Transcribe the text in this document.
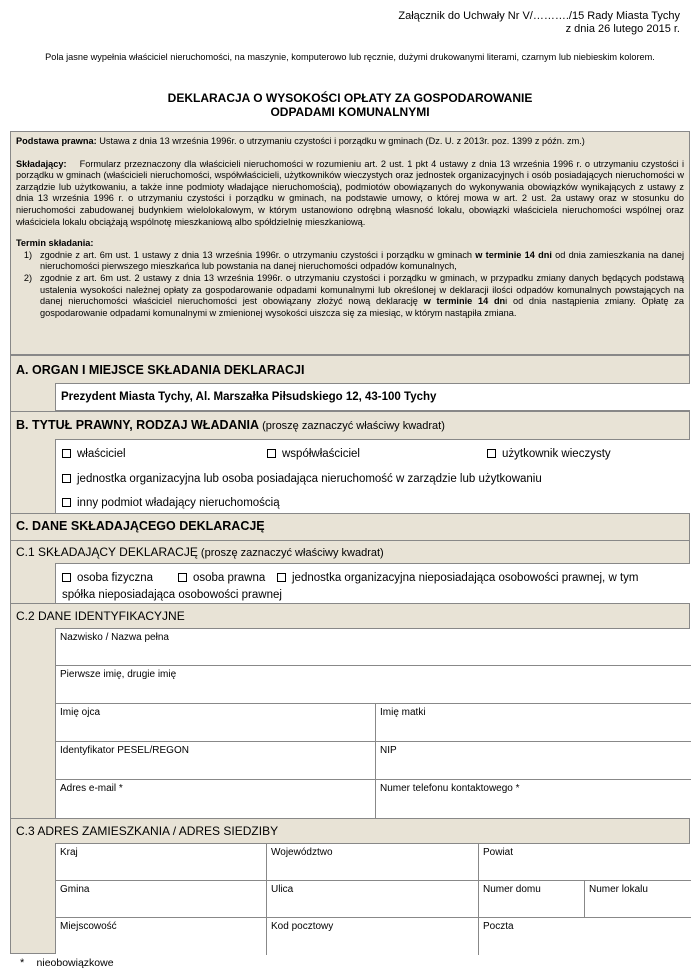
Załącznik do Uchwały Nr V/………./15 Rady Miasta Tychy
z dnia 26 lutego 2015 r.
Pola jasne wypełnia właściciel nieruchomości, na maszynie, komputerowo lub ręcznie, dużymi drukowanymi literami, czarnym lub niebieskim kolorem.
DEKLARACJA O WYSOKOŚCI OPŁATY ZA GOSPODAROWANIE
ODPADAMI KOMUNALNYMI

Podstawa prawna: Ustawa z dnia 13 września 1996r. o utrzymaniu czystości i porządku w gminach (Dz. U. z 2013r. poz. 1399 z późn. zm.)

Składający: Formularz przeznaczony dla właścicieli nieruchomości w rozumieniu art. 2 ust. 1 pkt 4 ustawy z dnia 13 września 1996 r. o utrzymaniu czystości i porządku w gminach (właścicieli nieruchomości, współwłaścicieli, użytkowników wieczystych oraz jednostek organizacyjnych i osób posiadających nieruchomości w zarządzie lub użytkowaniu, a także inne podmioty władające nieruchomością), podmiotów obowiązanych do wykonywania obowiązków wynikających z ustawy z dnia 13 września 1996 r. o utrzymaniu czystości i porządku w gminach, na podstawie umowy, o której mowa w art. 2 ust. 2a ustawy oraz w stosunku do nieruchomości zabudowanej budynkiem wielolokalowym, w którym ustanowiono odrębną własność lokalu, obowiązki właściciela nieruchomości wspólnej oraz właściciela lokalu obciążają wspólnotę mieszkaniową albo spółdzielnię mieszkaniową.

Termin składania:

1) zgodnie z art. 6m ust. 1 ustawy z dnia 13 września 1996r. o utrzymaniu czystości i porządku w gminach w terminie 14 dni od dnia zamieszkania na danej nieruchomości pierwszego mieszkańca lub powstania na danej nieruchomości odpadów komunalnych,
2) zgodnie z art. 6m ust. 2 ustawy z dnia 13 września 1996r. o utrzymaniu czystości i porządku w gminach, w przypadku zmiany danych będących podstawą ustalenia wysokości należnej opłaty za gospodarowanie odpadami komunalnymi lub określonej w deklaracji ilości odpadów komunalnych powstających na danej nieruchomości właściciel nieruchomości jest obowiązany złożyć nową deklarację w terminie 14 dni od dnia nastąpienia zmiany. Opłatę za gospodarowanie odpadami komunalnymi w zmienionej wysokości uiszcza się za miesiąc, w którym nastąpiła zmiana.
A. ORGAN I MIEJSCE SKŁADANIA DEKLARACJI
Prezydent Miasta Tychy, Al. Marszałka Piłsudskiego 12, 43-100 Tychy
B. TYTUŁ PRAWNY, RODZAJ WŁADANIA (proszę zaznaczyć właściwy kwadrat)
właściciel	współwłaściciel	użytkownik wieczysty
jednostka organizacyjna lub osoba posiadająca nieruchomość w zarządzie lub użytkowaniu
inny podmiot władający nieruchomością
C. DANE SKŁADAJĄCEGO DEKLARACJĘ
C.1 SKŁADAJĄCY DEKLARACJĘ (proszę zaznaczyć właściwy kwadrat)
osoba fizyczna	osoba prawna	jednostka organizacyjna nieposiadająca osobowości prawnej, w tym
spółka nieposiadająca osobowości prawnej
C.2 DANE IDENTYFIKACYJNE
Nazwisko / Nazwa pełna
Pierwsze imię, drugie imię
Imię ojca	Imię matki
Identyfikator PESEL/REGON	NIP
Adres e-mail *	Numer telefonu kontaktowego *
C.3 ADRES ZAMIESZKANIA / ADRES SIEDZIBY
Kraj	Województwo	Powiat
Gmina	Ulica	Numer domu	Numer lokalu
Miejscowość	Kod pocztowy	Poczta
* nieobowiązkowe
